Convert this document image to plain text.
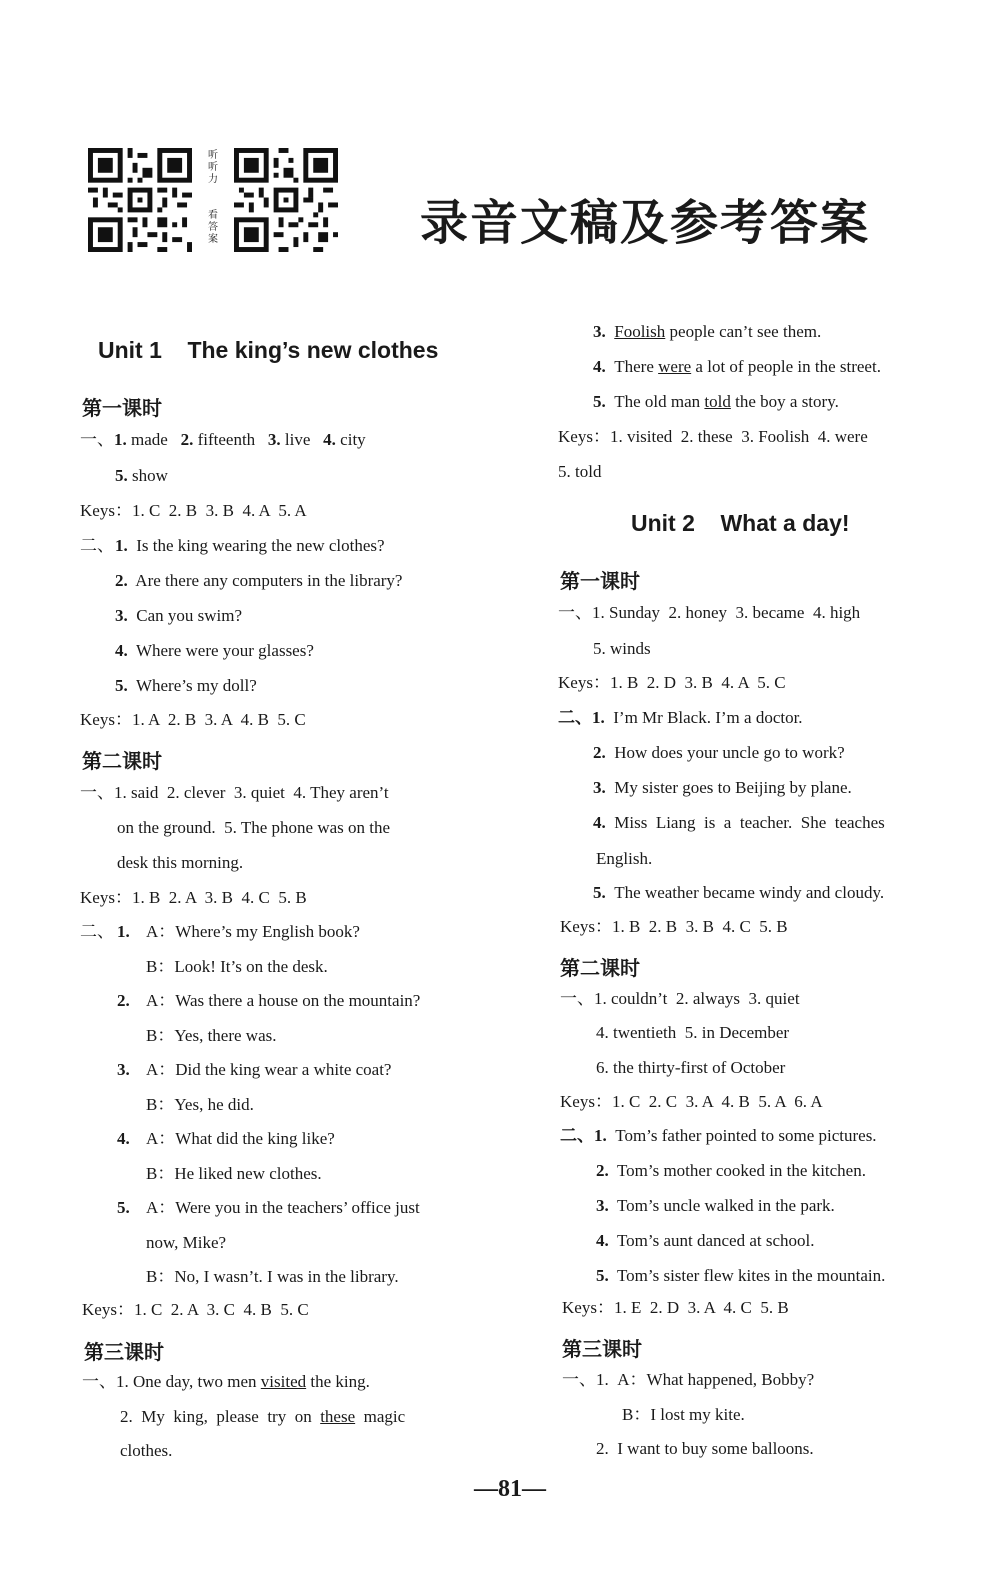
听听力
看答案	录音文稿及参考答案
Unit 1    The king’s new clothes
第一课时
一、1. made 2. fifteenth 3. live 4. city
5. show
Keys：1. C  2. B  3. B  4. A  5. A
二、 1.  Is the king wearing the new clothes?
2.  Are there any computers in the library?
3.  Can you swim?
4.  Where were your glasses?
5.  Where’s my doll?
Keys：1. A  2. B  3. A  4. B  5. C
第二课时
一、1. said  2. clever  3. quiet  4. They aren’t
on the ground.  5. The phone was on the
desk this morning.
Keys：1. B  2. A  3. B  4. C  5. B
二、 1. A：Where’s my English book?
B：Look! It’s on the desk.
2. A：Was there a house on the mountain?
B：Yes, there was.
3. A：Did the king wear a white coat?
B：Yes, he did.
4. A：What did the king like?
B：He liked new clothes.
5. A：Were you in the teachers’ office just
now, Mike?
B：No, I wasn’t. I was in the library.
Keys：1. C  2. A  3. C  4. B  5. C
第三课时
一、1. One day, two men visited the king.
2.  My  king,  please  try  on  these  magic
clothes.
3.  Foolish people can’t see them.
4.  There were a lot of people in the street.
5.  The old man told the boy a story.
Keys：1. visited  2. these  3. Foolish  4. were
5. told
Unit 2    What a day!
第一课时
一、1. Sunday  2. honey  3. became  4. high
5. winds
Keys：1. B  2. D  3. B  4. A  5. C
二、1.  I’m Mr Black. I’m a doctor.
2.  How does your uncle go to work?
3.  My sister goes to Beijing by plane.
4.  Miss  Liang  is  a  teacher.  She  teaches
English.
5. The weather became windy and cloudy.
Keys：1. B  2. B  3. B  4. C  5. B
第二课时
一、1. couldn’t  2. always  3. quiet
4. twentieth  5. in December
6. the thirty-first of October
Keys：1. C  2. C  3. A  4. B  5. A  6. A
二、1.  Tom’s father pointed to some pictures.
2.  Tom’s mother cooked in the kitchen.
3.  Tom’s uncle walked in the park.
4.  Tom’s aunt danced at school.
5.  Tom’s sister flew kites in the mountain.
Keys：1. E  2. D  3. A  4. C  5. B
第三课时
一、1.  A：What happened, Bobby?
B：I lost my kite.
2.  I want to buy some balloons.
—81—
